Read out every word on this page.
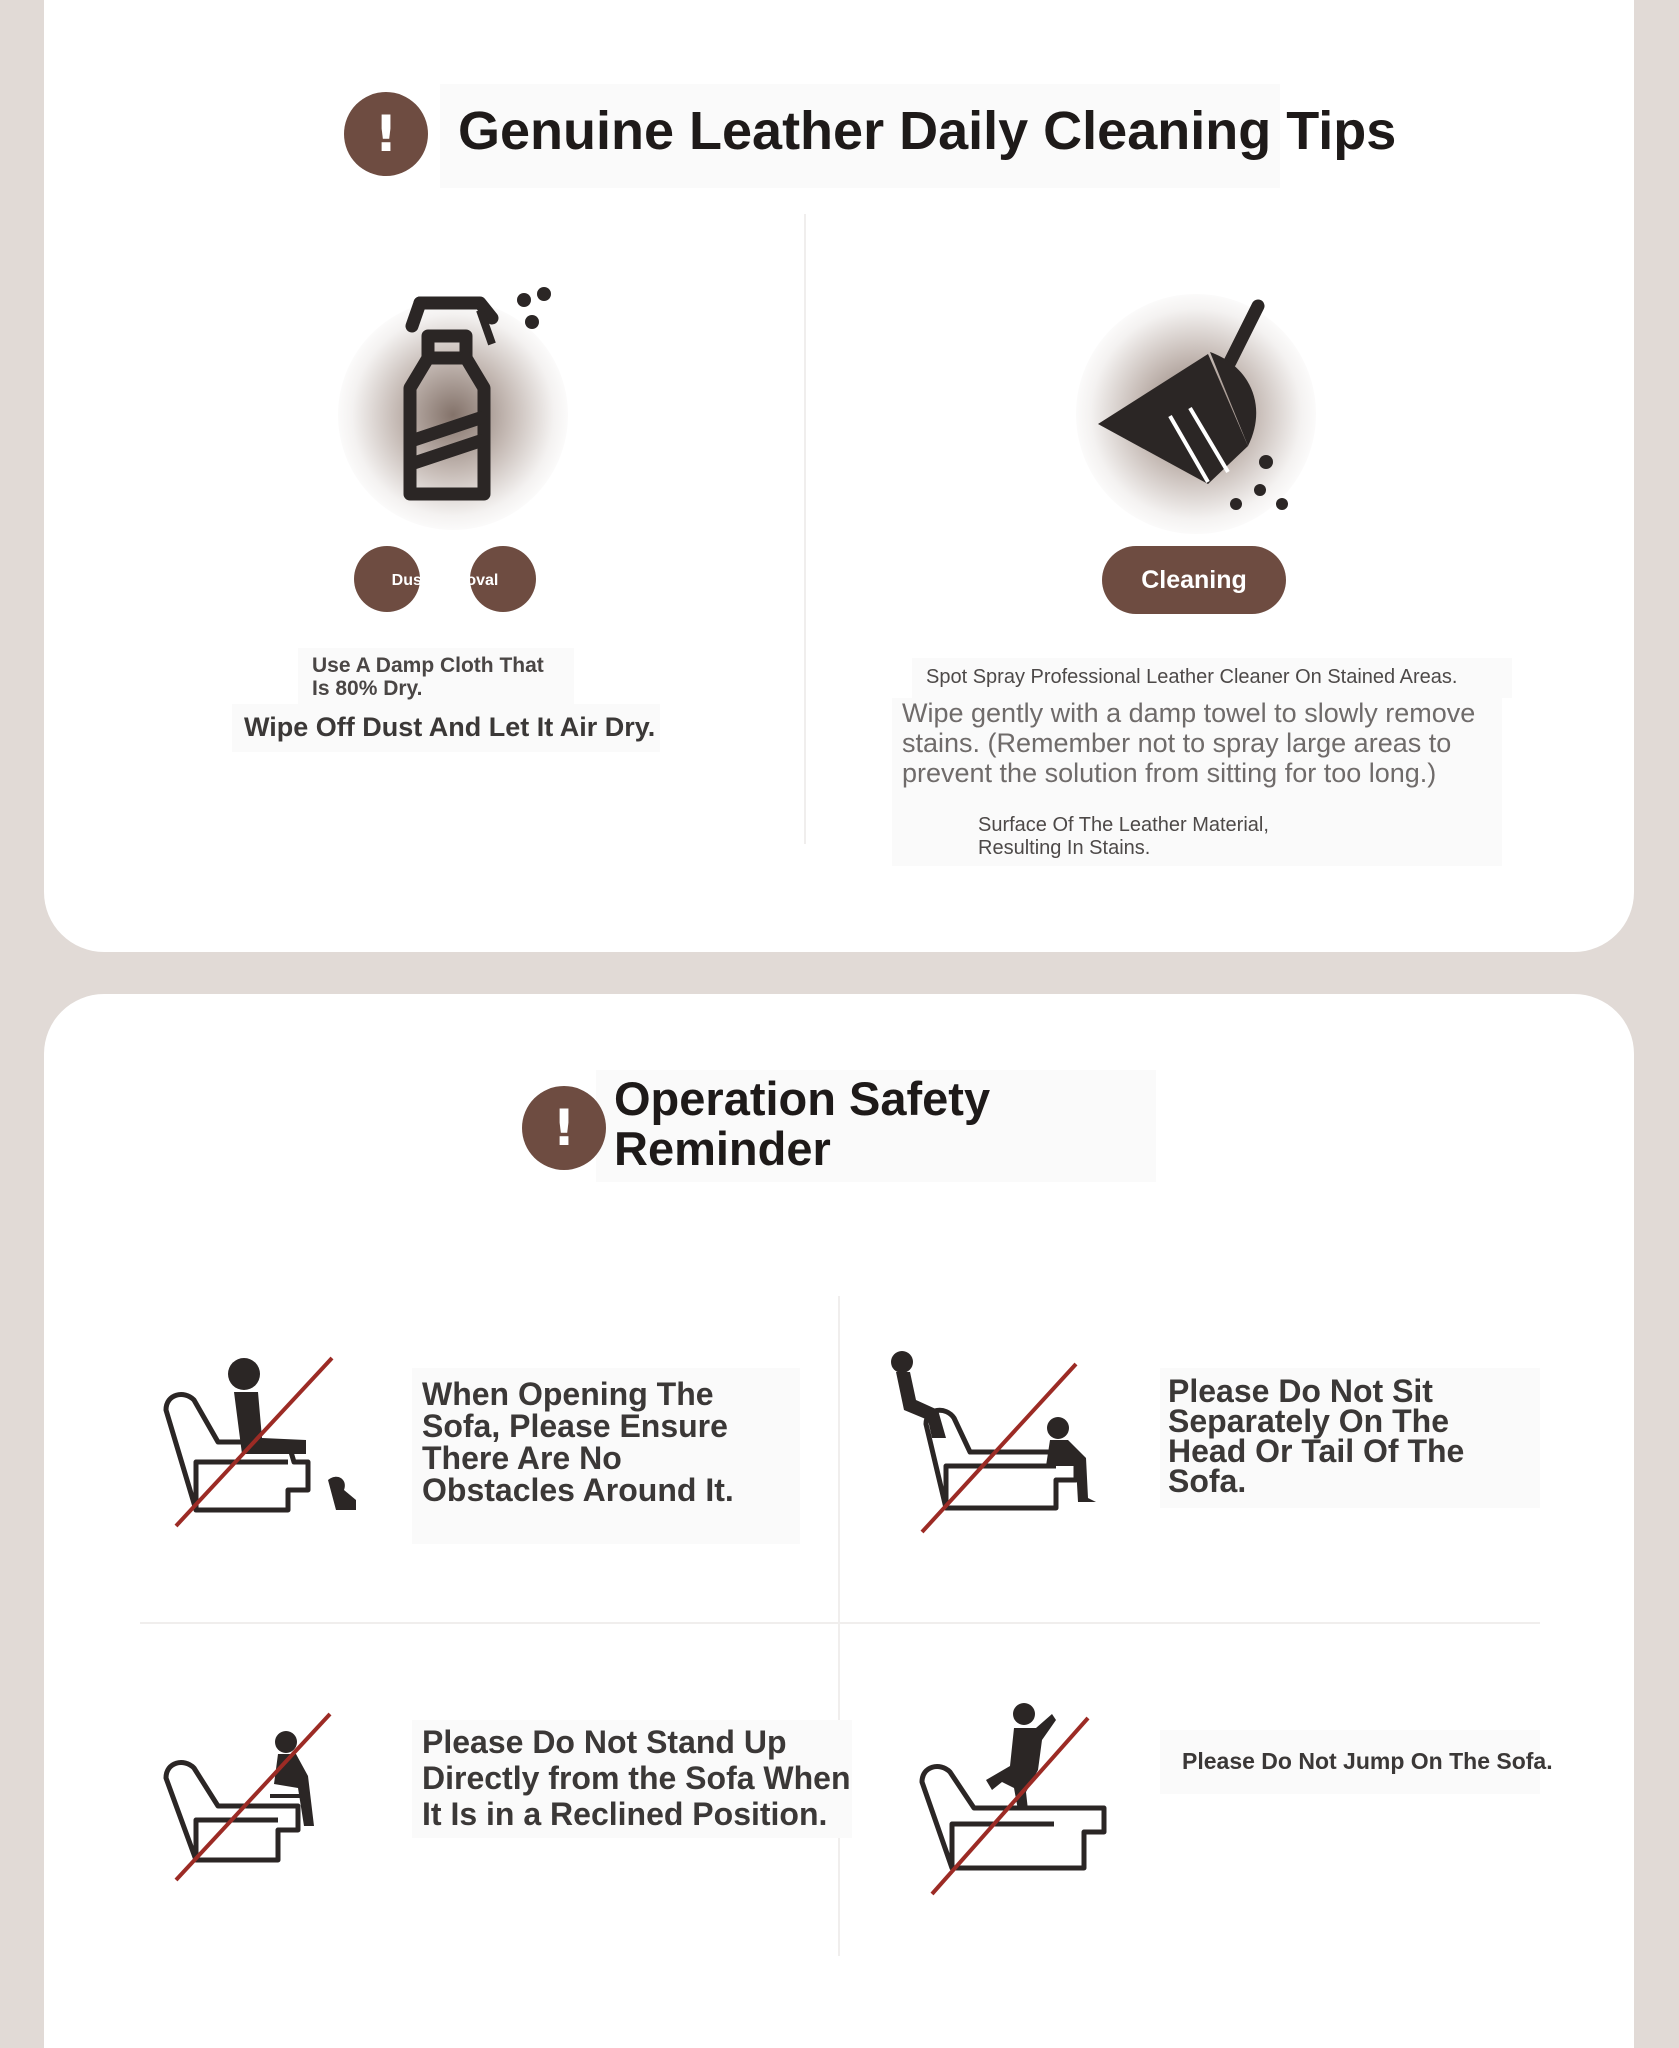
!	Genuine Leather Daily Cleaning Tips
Dust Removal
Use A Damp Cloth That Is 80% Dry.
Wipe Off Dust And Let It Air Dry.
Cleaning
Spot Spray Professional Leather Cleaner On Stained Areas.
Wipe gently with a damp towel to slowly remove stains. (Remember not to spray large areas to prevent the solution from sitting for too long.)
Surface Of The Leather Material, Resulting In Stains.
!
Operation Safety Reminder
When Opening The Sofa, Please Ensure There Are No Obstacles Around It.
Please Do Not Sit Separately On The Head Or Tail Of The Sofa.
Please Do Not Stand Up Directly from the Sofa When It Is in a Reclined Position.
Please Do Not Jump On The Sofa.
